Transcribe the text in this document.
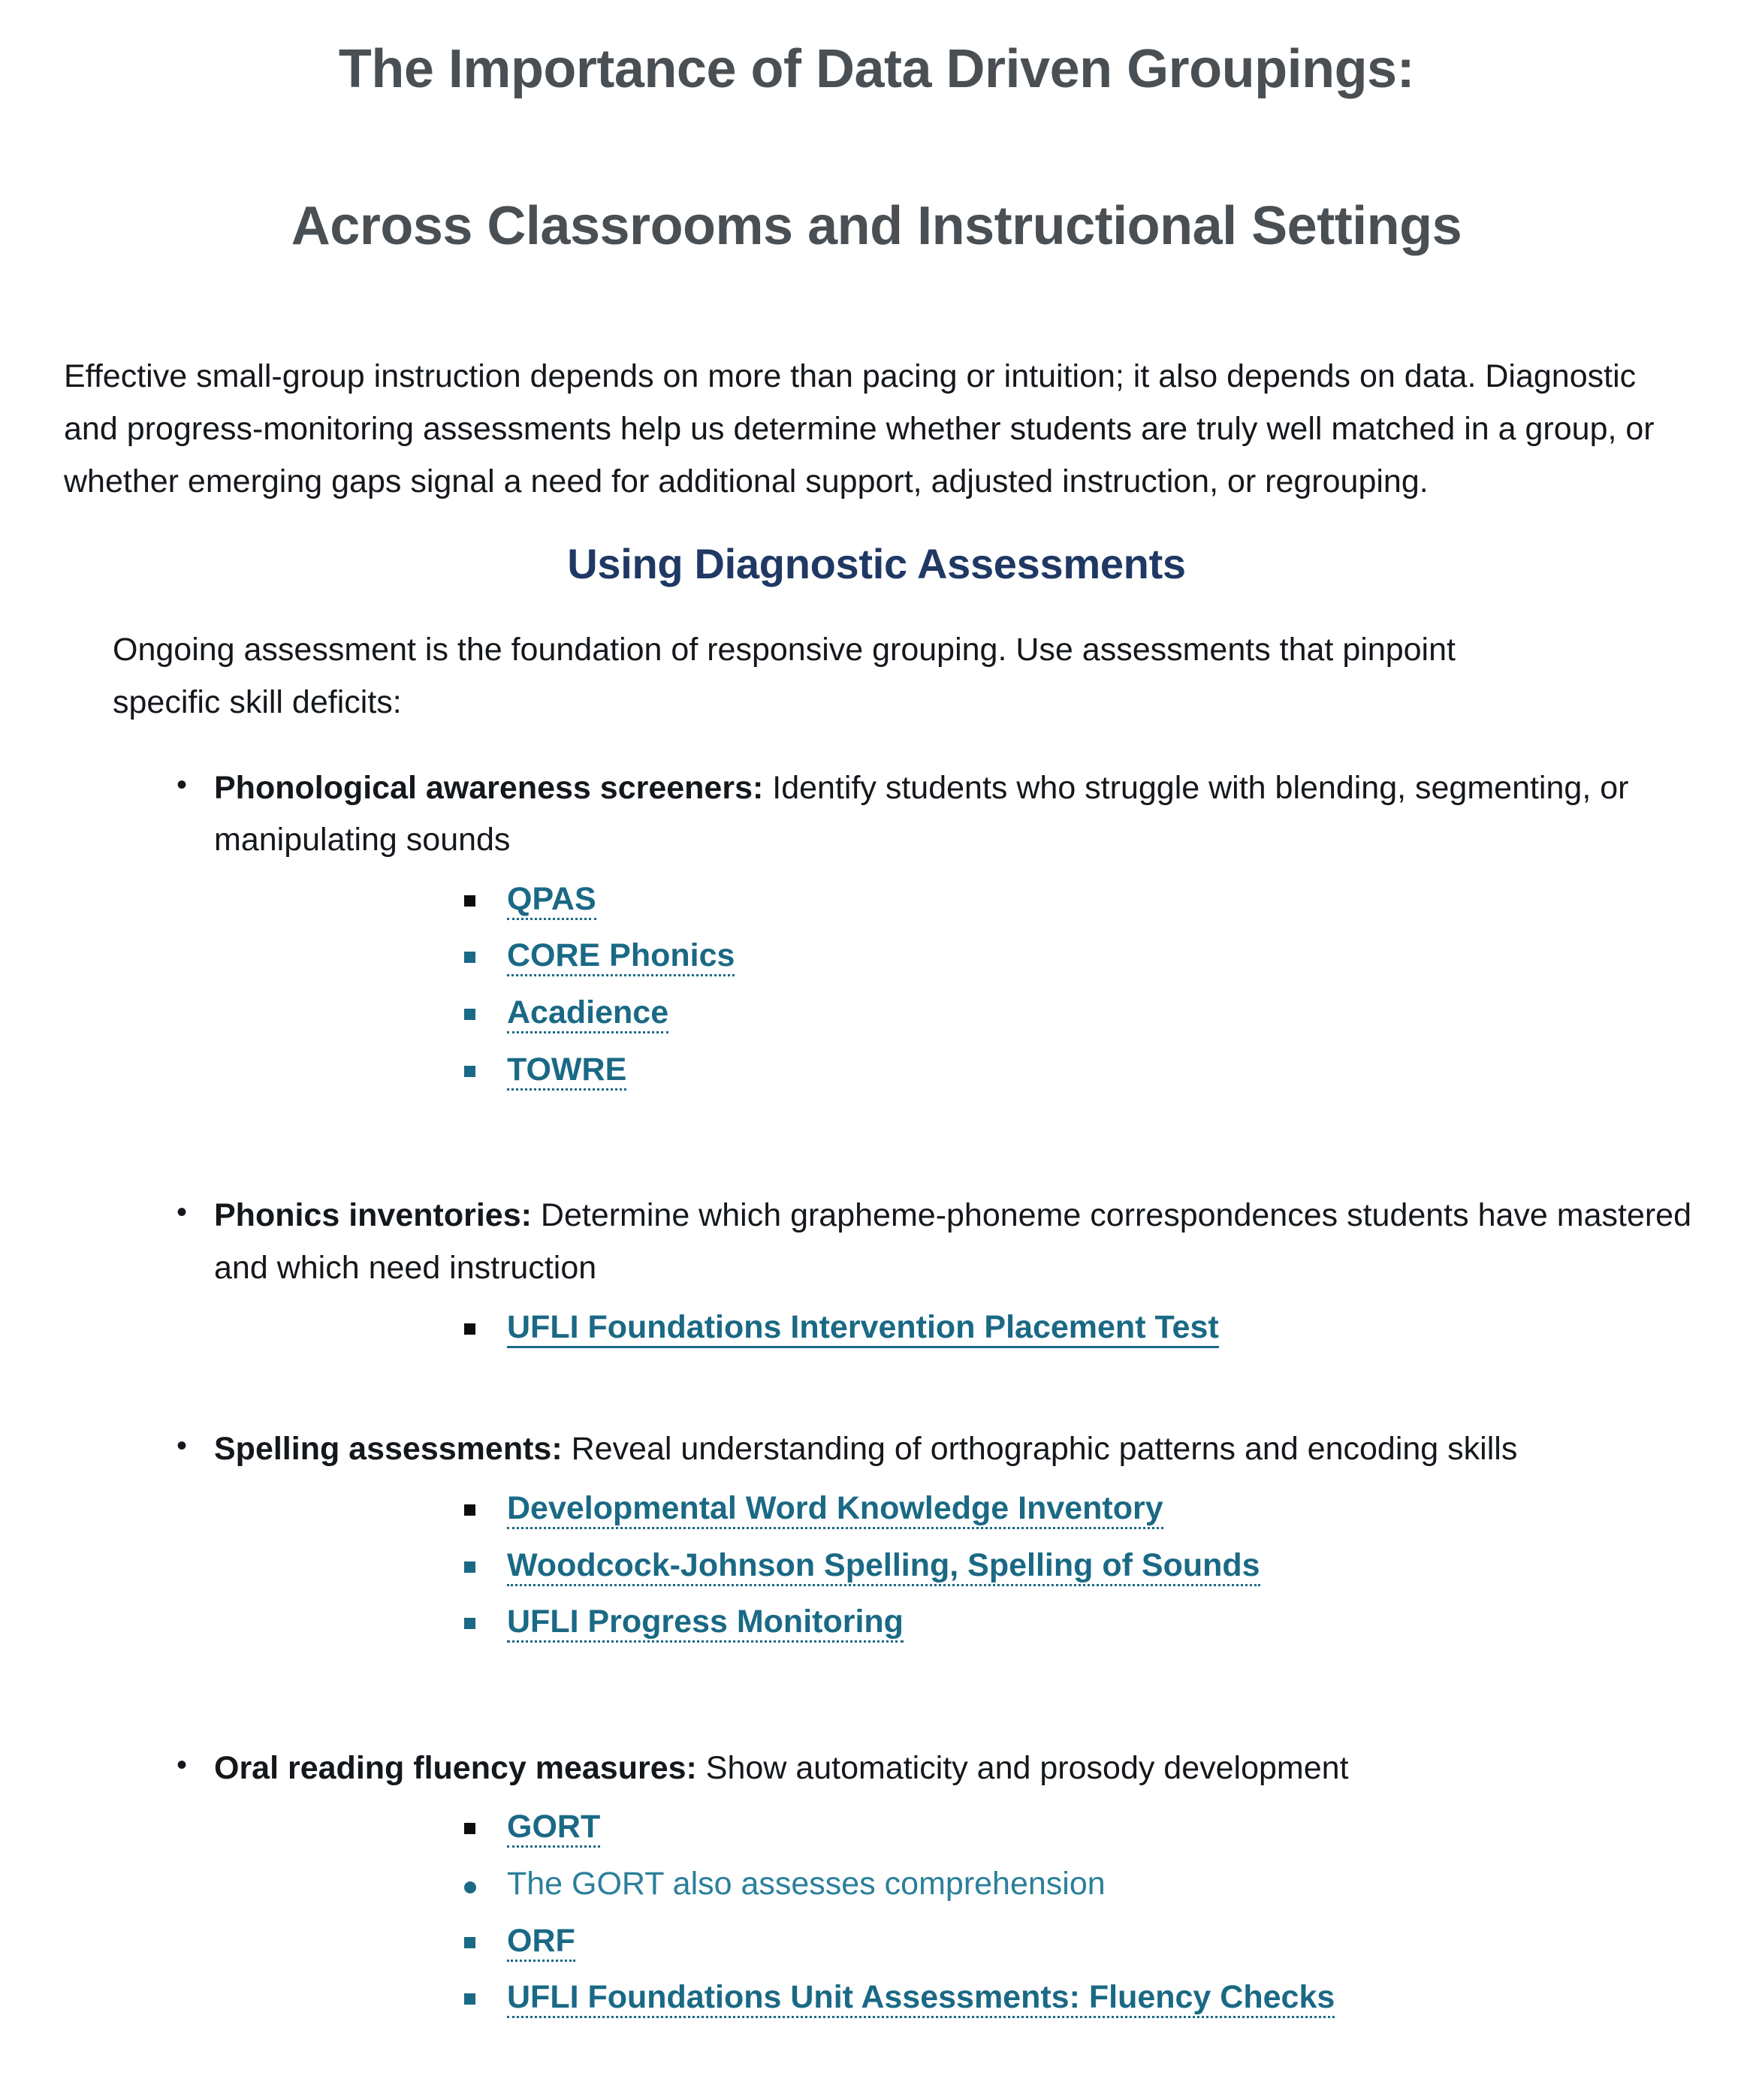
The Importance of Data Driven Groupings:
Across Classrooms and Instructional Settings

Effective small-group instruction depends on more than pacing or intuition; it also depends on data. Diagnostic and progress-monitoring assessments help us determine whether students are truly well matched in a group, or whether emerging gaps signal a need for additional support, adjusted instruction, or regrouping.

Using Diagnostic Assessments

Ongoing assessment is the foundation of responsive grouping. Use assessments that pinpoint specific skill deficits:

• Phonological awareness screeners: Identify students who struggle with blending, segmenting, or manipulating sounds
QPAS
CORE Phonics
Acadience
TOWRE
• Phonics inventories: Determine which grapheme-phoneme correspondences students have mastered and which need instruction
UFLI Foundations Intervention Placement Test
• Spelling assessments: Reveal understanding of orthographic patterns and encoding skills
Developmental Word Knowledge Inventory
Woodcock-Johnson Spelling, Spelling of Sounds
UFLI Progress Monitoring
• Oral reading fluency measures: Show automaticity and prosody development
GORT
The GORT also assesses comprehension
ORF
UFLI Foundations Unit Assessments: Fluency Checks
